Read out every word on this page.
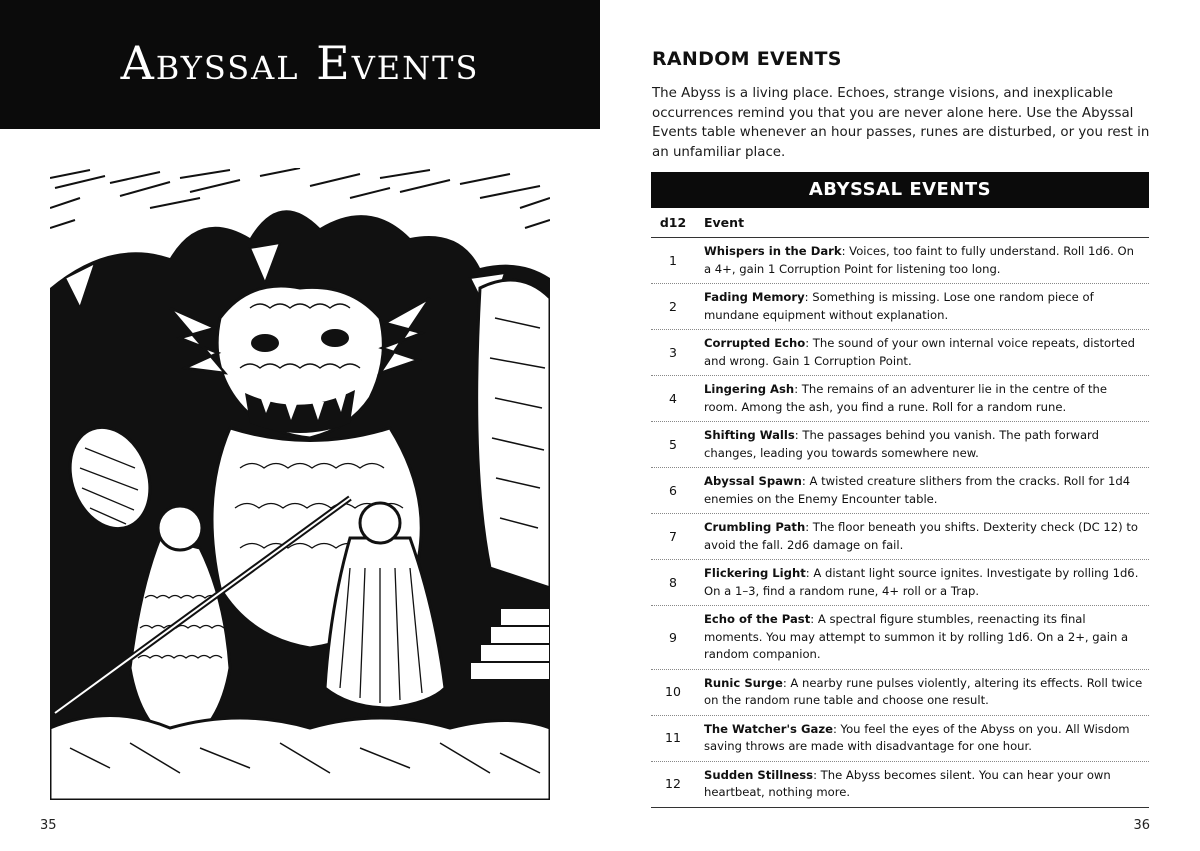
Abyssal Events
35
RANDOM EVENTS

The Abyss is a living place. Echoes, strange visions, and inexplicable occurrences remind you that you are never alone here. Use the Abyssal Events table whenever an hour passes, runes are disturbed, or you rest in an unfamiliar place.

ABYSSAL EVENTS
d12	Event
1
Whispers in the Dark: Voices, too faint to fully understand. Roll 1d6. On a 4+, gain 1 Corruption Point for listening too long.
2
Fading Memory: Something is missing. Lose one random piece of mundane equipment without explanation.
3
Corrupted Echo: The sound of your own internal voice repeats, distorted and wrong. Gain 1 Corruption Point.
4
Lingering Ash: The remains of an adventurer lie in the centre of the room. Among the ash, you find a rune. Roll for a random rune.
5
Shifting Walls: The passages behind you vanish. The path forward changes, leading you towards somewhere new.
6
Abyssal Spawn: A twisted creature slithers from the cracks. Roll for 1d4 enemies on the Enemy Encounter table.
7
Crumbling Path: The floor beneath you shifts. Dexterity check (DC 12) to avoid the fall. 2d6 damage on fail.
8
Flickering Light: A distant light source ignites. Investigate by rolling 1d6. On a 1–3, find a random rune, 4+ roll or a Trap.
9
Echo of the Past: A spectral figure stumbles, reenacting its final moments. You may attempt to summon it by rolling 1d6. On a 2+, gain a random companion.
10
Runic Surge: A nearby rune pulses violently, altering its effects. Roll twice on the random rune table and choose one result.
11
The Watcher's Gaze: You feel the eyes of the Abyss on you. All Wisdom saving throws are made with disadvantage for one hour.
12
Sudden Stillness: The Abyss becomes silent. You can hear your own heartbeat, nothing more.
36
